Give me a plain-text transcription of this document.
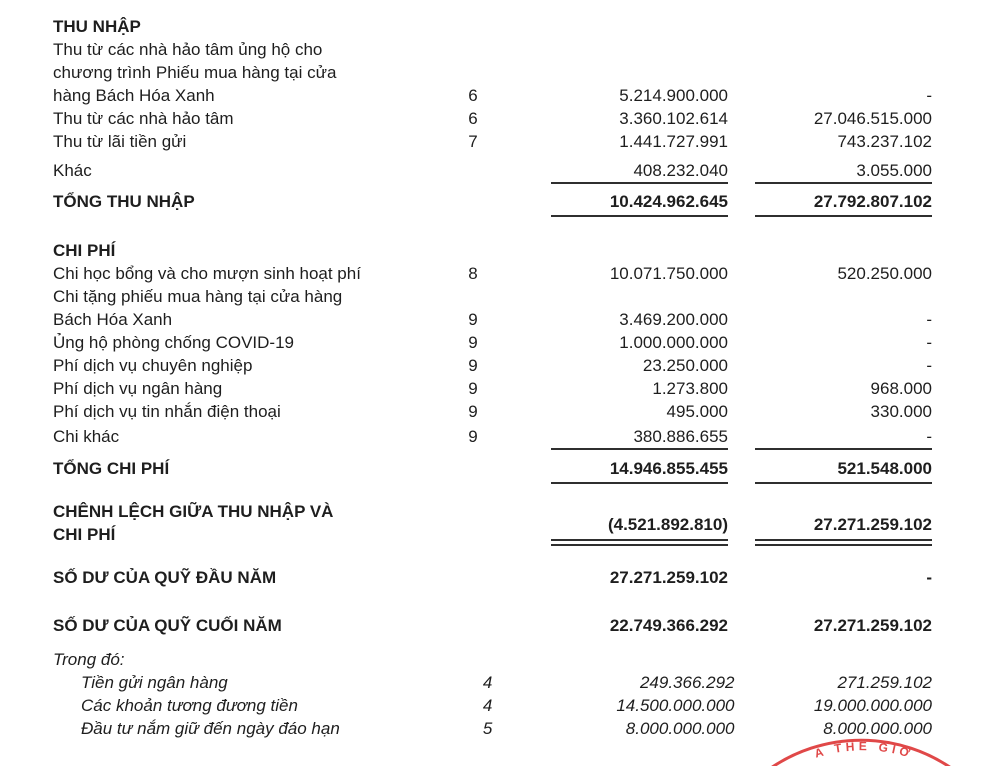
THU NHẬP
Thu từ các nhà hảo tâm ủng hộ cho
chương trình Phiếu mua hàng tại cửa
hàng Bách Hóa Xanh	6	5.214.900.000	-
Thu từ các nhà hảo tâm	6	3.360.102.614	27.046.515.000
Thu từ lãi tiền gửi	7	1.441.727.991	743.237.102
Khác	408.232.040	3.055.000
TỔNG THU NHẬP	10.424.962.645	27.792.807.102
CHI PHÍ
Chi học bổng và cho mượn sinh hoạt phí	8	10.071.750.000	520.250.000
Chi tặng phiếu mua hàng tại cửa hàng
Bách Hóa Xanh	9	3.469.200.000	-
Ủng hộ phòng chống COVID-19	9	1.000.000.000	-
Phí dịch vụ chuyên nghiệp	9	23.250.000	-
Phí dịch vụ ngân hàng	9	1.273.800	968.000
Phí dịch vụ tin nhắn điện thoại	9	495.000	330.000
Chi khác	9	380.886.655	-
TỔNG CHI PHÍ	14.946.855.455	521.548.000
CHÊNH LỆCH GIỮA THU NHẬP VÀ
CHI PHÍ
(4.521.892.810)	27.271.259.102
SỐ DƯ CỦA QUỸ ĐẦU NĂM	27.271.259.102	-
SỐ DƯ CỦA QUỸ CUỐI NĂM	22.749.366.292	27.271.259.102
Trong đó:
Tiền gửi ngân hàng	4	249.366.292	271.259.102
Các khoản tương đương tiền	4	14.500.000.000	19.000.000.000
Đầu tư nắm giữ đến ngày đáo hạn	5	8.000.000.000	8.000.000.000
A THẾ GIỚ
